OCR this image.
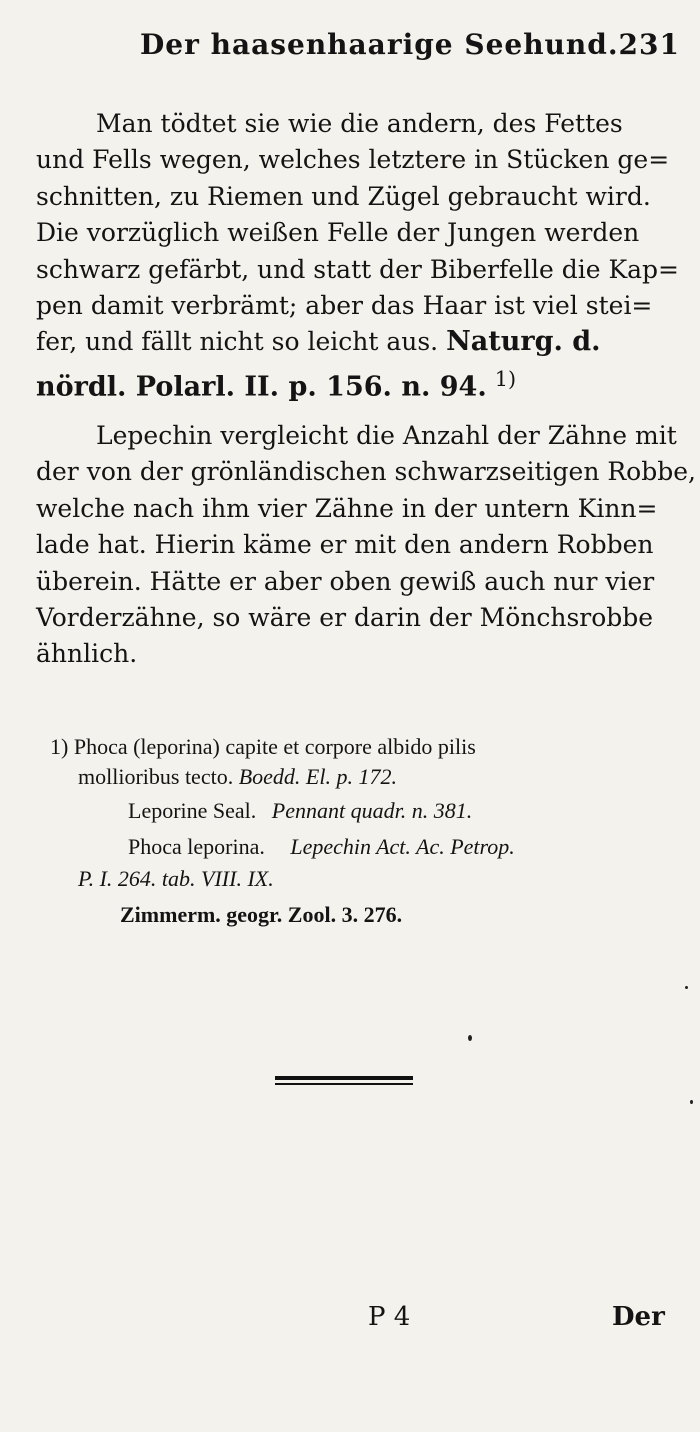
Der haasenhaarige Seehund. 231
Man tödtet sie wie die andern, des Fettes
und Fells wegen, welches letztere in Stücken ge=
schnitten, zu Riemen und Zügel gebraucht wird.
Die vorzüglich weißen Felle der Jungen werden
schwarz gefärbt, und statt der Biberfelle die Kap=
pen damit verbrämt; aber das Haar ist viel stei=
fer, und fällt nicht so leicht aus. Naturg. d.
nördl. Polarl. II. p. 156. n. 94. $^{1)}$
Lepechin vergleicht die Anzahl der Zähne mit
der von der grönländischen schwarzseitigen Robbe,
welche nach ihm vier Zähne in der untern Kinn=
lade hat. Hierin käme er mit den andern Robben
überein. Hätte er aber oben gewiß auch nur vier
Vorderzähne, so wäre er darin der Mönchsrobbe
ähnlich.
1) Phoca (leporina) capite et corpore albido pilis
mollioribus tecto. Boedd. El. p. 172.
Leporine Seal. Pennant quadr. n. 381.
Phoca leporina. Lepechin Act. Ac. Petrop.
P. I. 264. tab. VIII. IX.
Zimmerm. geogr. Zool. 3. 276.
P 4	Der
